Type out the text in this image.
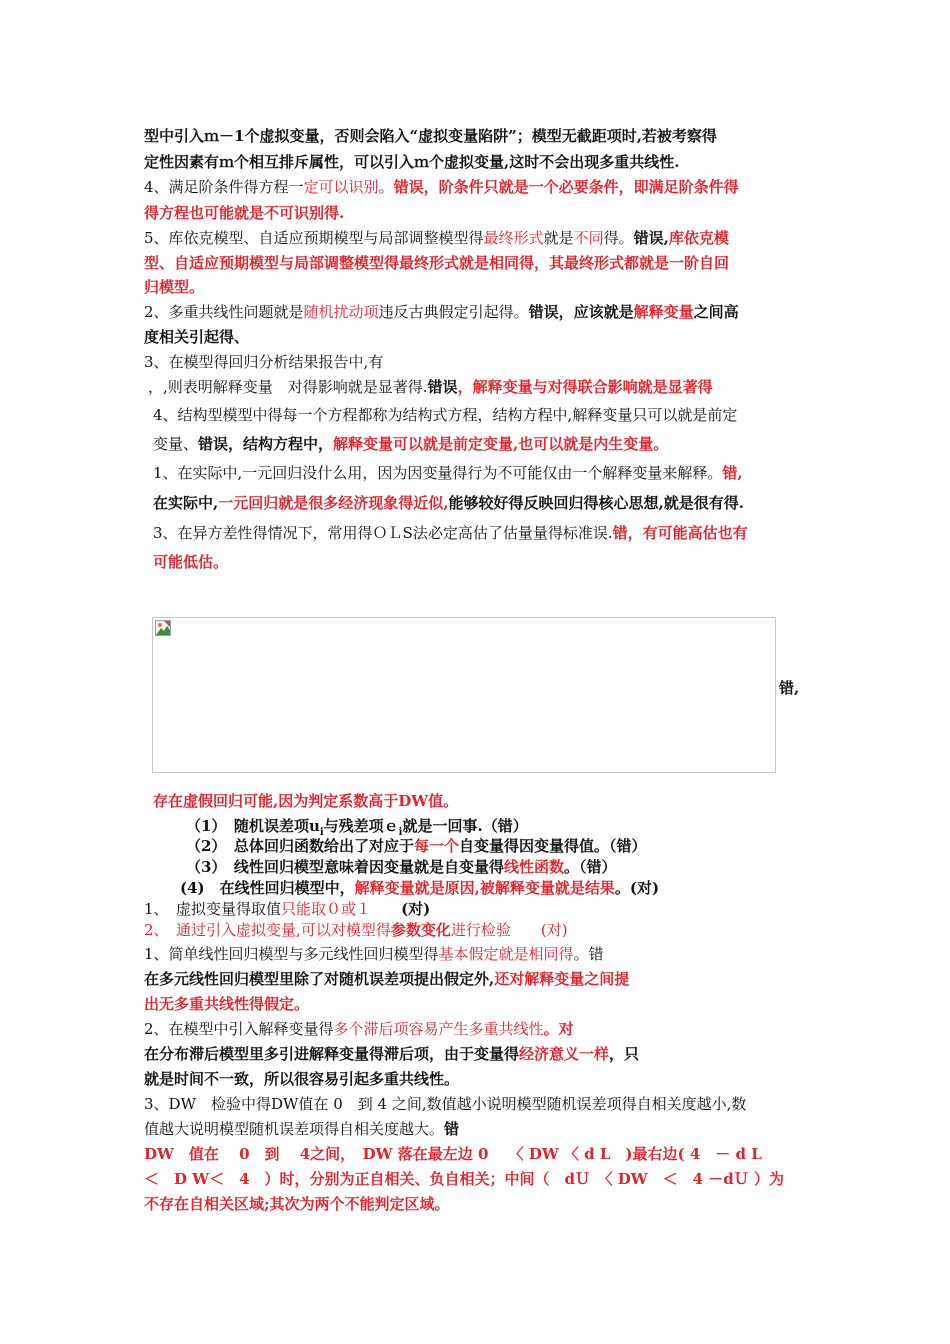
型中引入ｍ－1个虚拟变量，否则会陷入“虚拟变量陷阱”；模型无截距项时,若被考察得
定性因素有ｍ个相互排斥属性，可以引入ｍ个虚拟变量,这时不会出现多重共线性.
4、满足阶条件得方程一定可以识别。错误，阶条件只就是一个必要条件，即满足阶条件得
得方程也可能就是不可识别得.
5、库依克模型、自适应预期模型与局部调整模型得最终形式就是不同得。错误,库依克模
型、自适应预期模型与局部调整模型得最终形式就是相同得，其最终形式都就是一阶自回
归模型。
2、多重共线性问题就是随机扰动项违反古典假定引起得。错误，应该就是解释变量之间高
度相关引起得、
3、在模型得回归分析结果报告中,有
，,则表明解释变量　对得影响就是显著得.错误，解释变量与对得联合影响就是显著得
4、结构型模型中得每一个方程都称为结构式方程，结构方程中,解释变量只可以就是前定
变量、错误，结构方程中，解释变量可以就是前定变量,也可以就是内生变量。
1、在实际中,一元回归没什么用，因为因变量得行为不可能仅由一个解释变量来解释。错,
在实际中,一元回归就是很多经济现象得近似,能够较好得反映回归得核心思想,就是很有得.
3、在异方差性得情况下，常用得ＯＬS法必定高估了估量量得标准误.错，有可能高估也有
可能低估。
错,
存在虚假回归可能,因为判定系数高于DW值。
（1）　随机误差项$u_i$与残差项ｅ$_i$就是一回事.（错）
（2）　总体回归函数给出了对应于每一个自变量得因变量得值。（错）
（3）　线性回归模型意味着因变量就是自变量得线性函数。（错）
(4)　在线性回归模型中，解释变量就是原因,被解释变量就是结果。(对)
1、　虚拟变量得取值只能取０或１　　(对)
2、　通过引入虚拟变量,可以对模型得参数变化进行检验　　(对)
1、简单线性回归模型与多元线性回归模型得基本假定就是相同得。错
在多元线性回归模型里除了对随机误差项提出假定外,还对解释变量之间提
出无多重共线性得假定。
2、在模型中引入解释变量得多个滞后项容易产生多重共线性。对
在分布滞后模型里多引进解释变量得滞后项，由于变量得经济意义一样，只
就是时间不一致，所以很容易引起多重共线性。
3、DW　检验中得DW值在 0　到 4 之间,数值越小说明模型随机误差项得自相关度越小,数
值越大说明模型随机误差项得自相关度越大。错
DW　值在　 0　到　 4之间，　DW 落在最左边 0　 〈 DW 〈 d L　)最右边( 4　－ d L
＜　D W＜　4　）时，分别为正自相关、负自相关；中间（　dＵ　〈 DW　＜　4 －dＵ ）为
不存在自相关区域;其次为两个不能判定区域。
